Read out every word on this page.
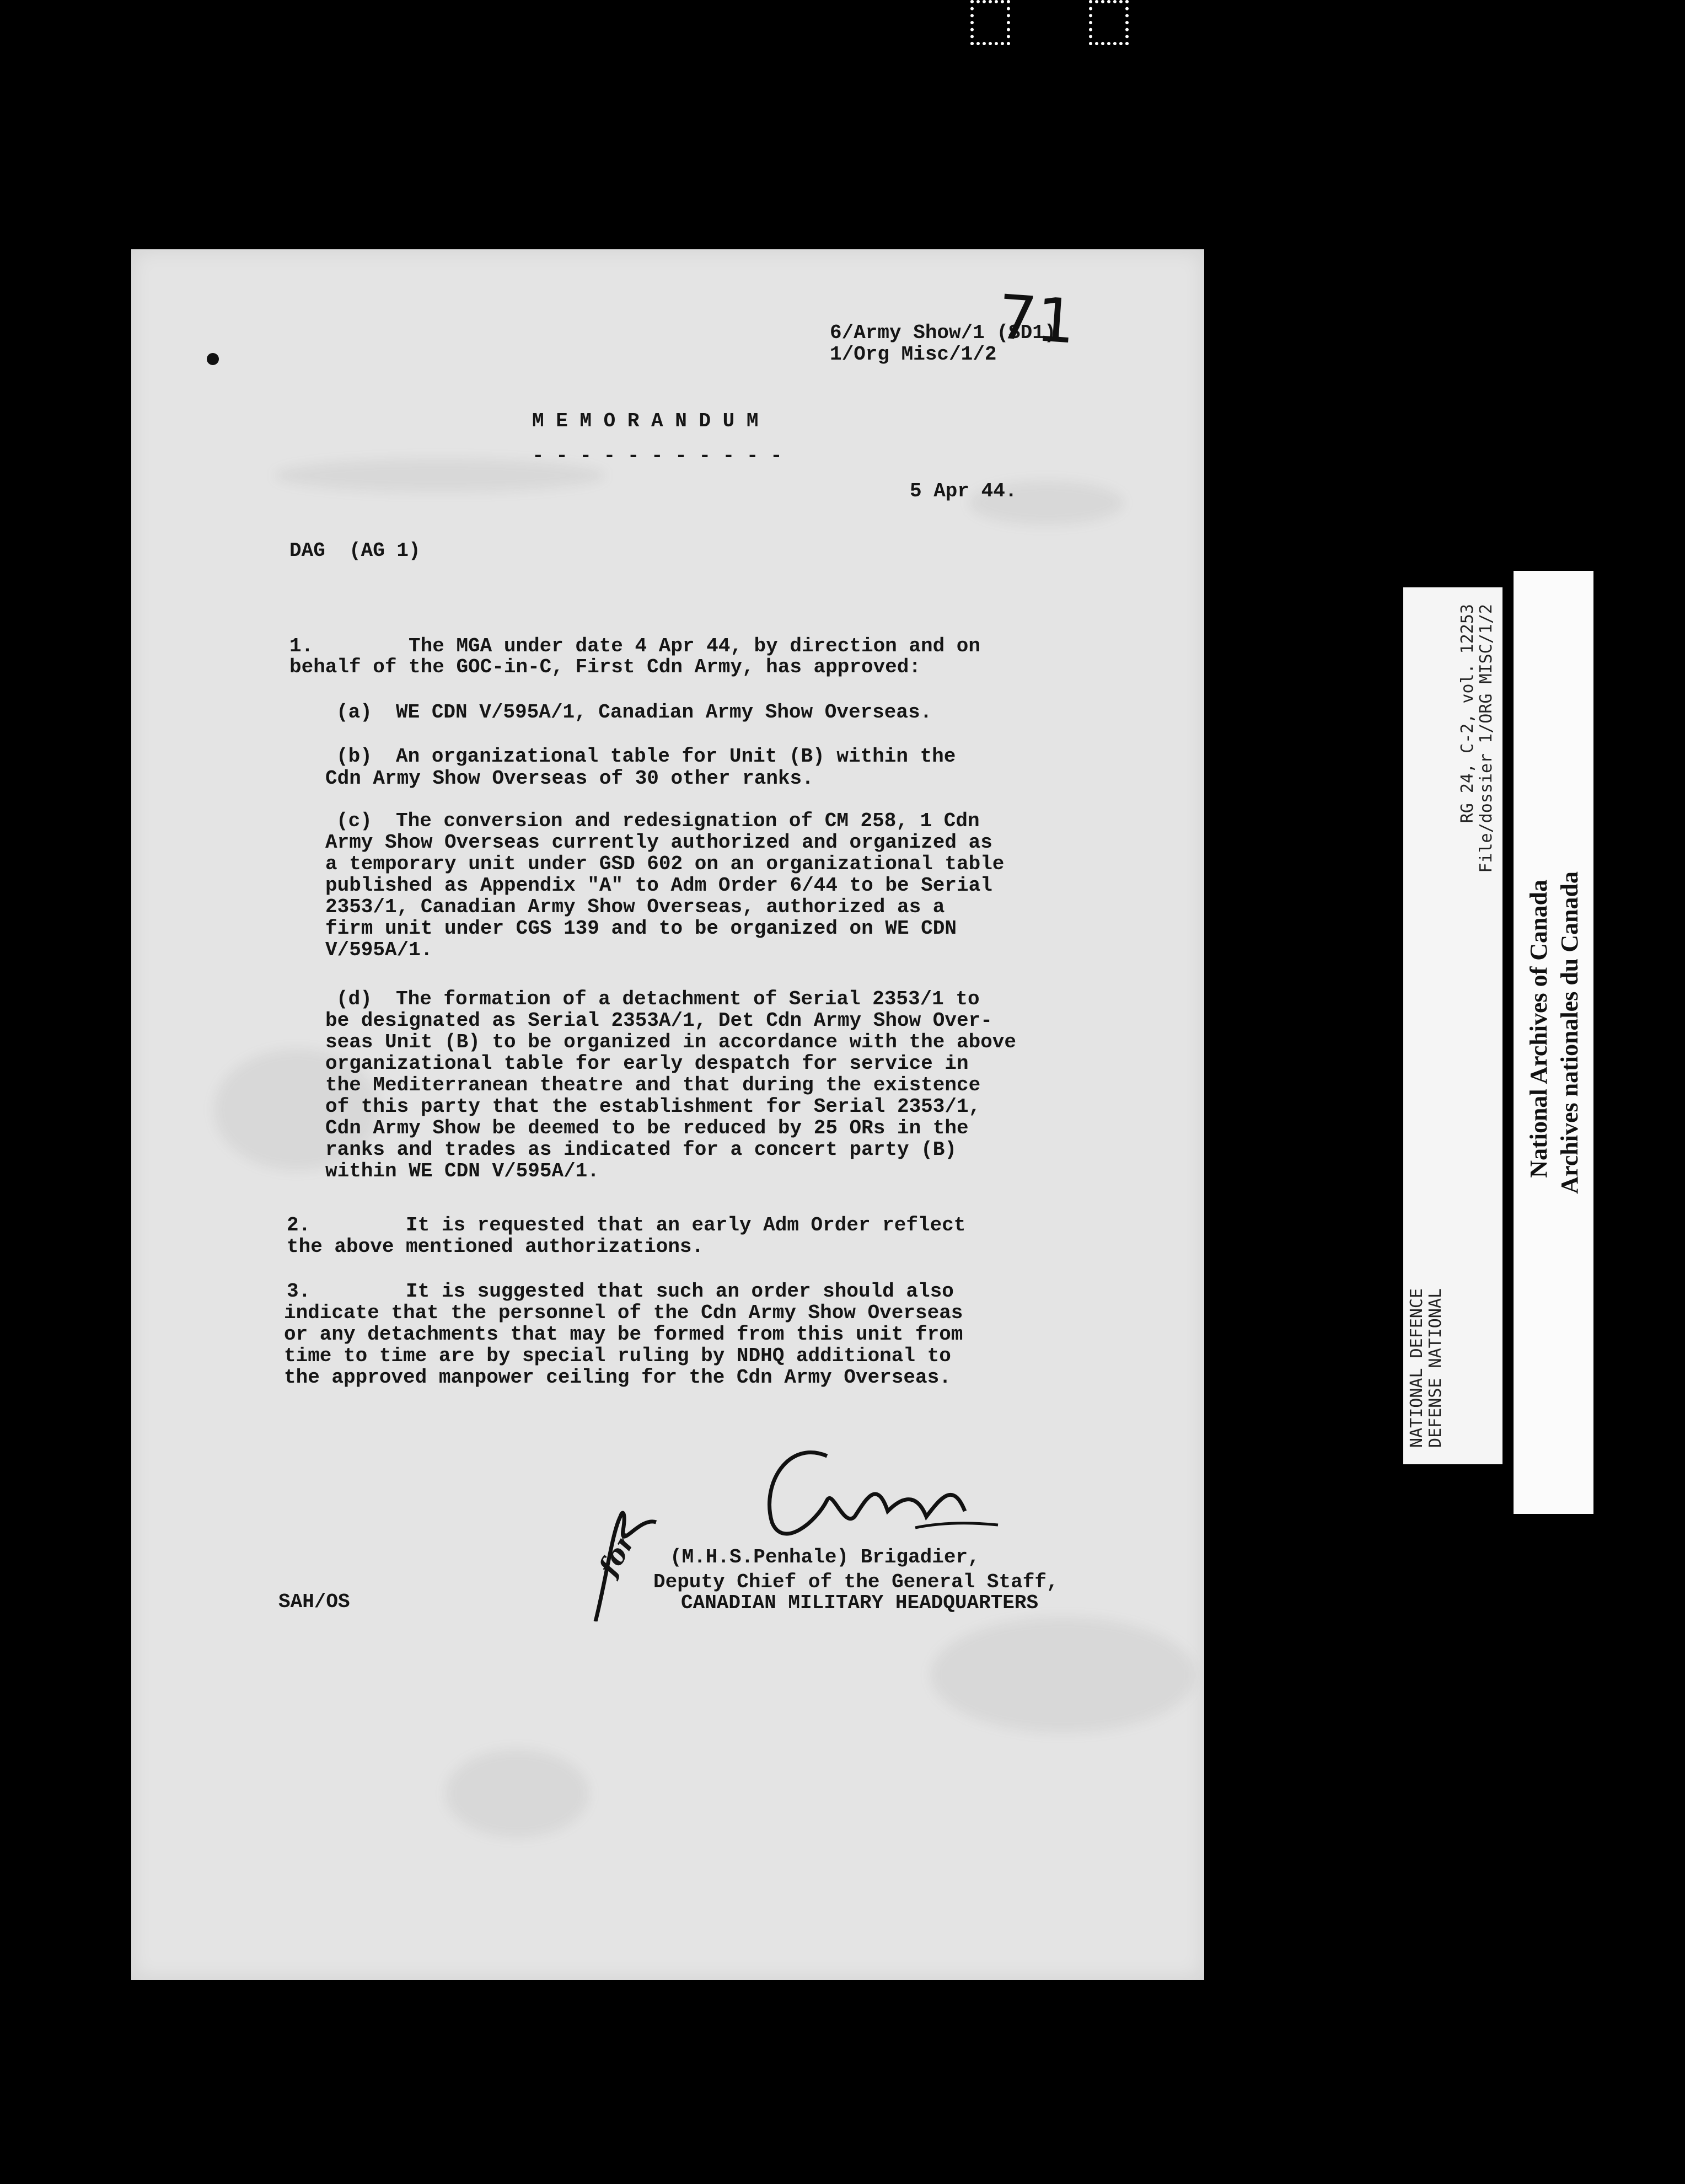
6/Army Show/1 (SD1)
1/Org Misc/1/2
71
M E M O R A N D U M
- - - - - - - - - - -
5 Apr 44.
DAG  (AG 1)
1.        The MGA under date 4 Apr 44, by direction and on
behalf of the GOC-in-C, First Cdn Army, has approved:
(a)  WE CDN V/595A/1, Canadian Army Show Overseas.
(b)  An organizational table for Unit (B) within the
Cdn Army Show Overseas of 30 other ranks.
(c)  The conversion and redesignation of CM 258, 1 Cdn
Army Show Overseas currently authorized and organized as
a temporary unit under GSD 602 on an organizational table
published as Appendix "A" to Adm Order 6/44 to be Serial
2353/1, Canadian Army Show Overseas, authorized as a
firm unit under CGS 139 and to be organized on WE CDN
V/595A/1.
(d)  The formation of a detachment of Serial 2353/1 to
be designated as Serial 2353A/1, Det Cdn Army Show Over-
seas Unit (B) to be organized in accordance with the above
organizational table for early despatch for service in
the Mediterranean theatre and that during the existence
of this party that the establishment for Serial 2353/1,
Cdn Army Show be deemed to be reduced by 25 ORs in the
ranks and trades as indicated for a concert party (B)
within WE CDN V/595A/1.
2.        It is requested that an early Adm Order reflect
the above mentioned authorizations.
3.        It is suggested that such an order should also
indicate that the personnel of the Cdn Army Show Overseas
or any detachments that may be formed from this unit from
time to time are by special ruling by NDHQ additional to
the approved manpower ceiling for the Cdn Army Overseas.
for (M.H.S.Penhale) Brigadier,
Deputy Chief of the General Staff,
CANADIAN MILITARY HEADQUARTERS
SAH/OS
NATIONAL DEFENCE DEFENSE NATIONAL
RG 24, C-2, vol. 12253 File/dossier 1/ORG MISC/1/2
National Archives of Canada Archives nationales du Canada
